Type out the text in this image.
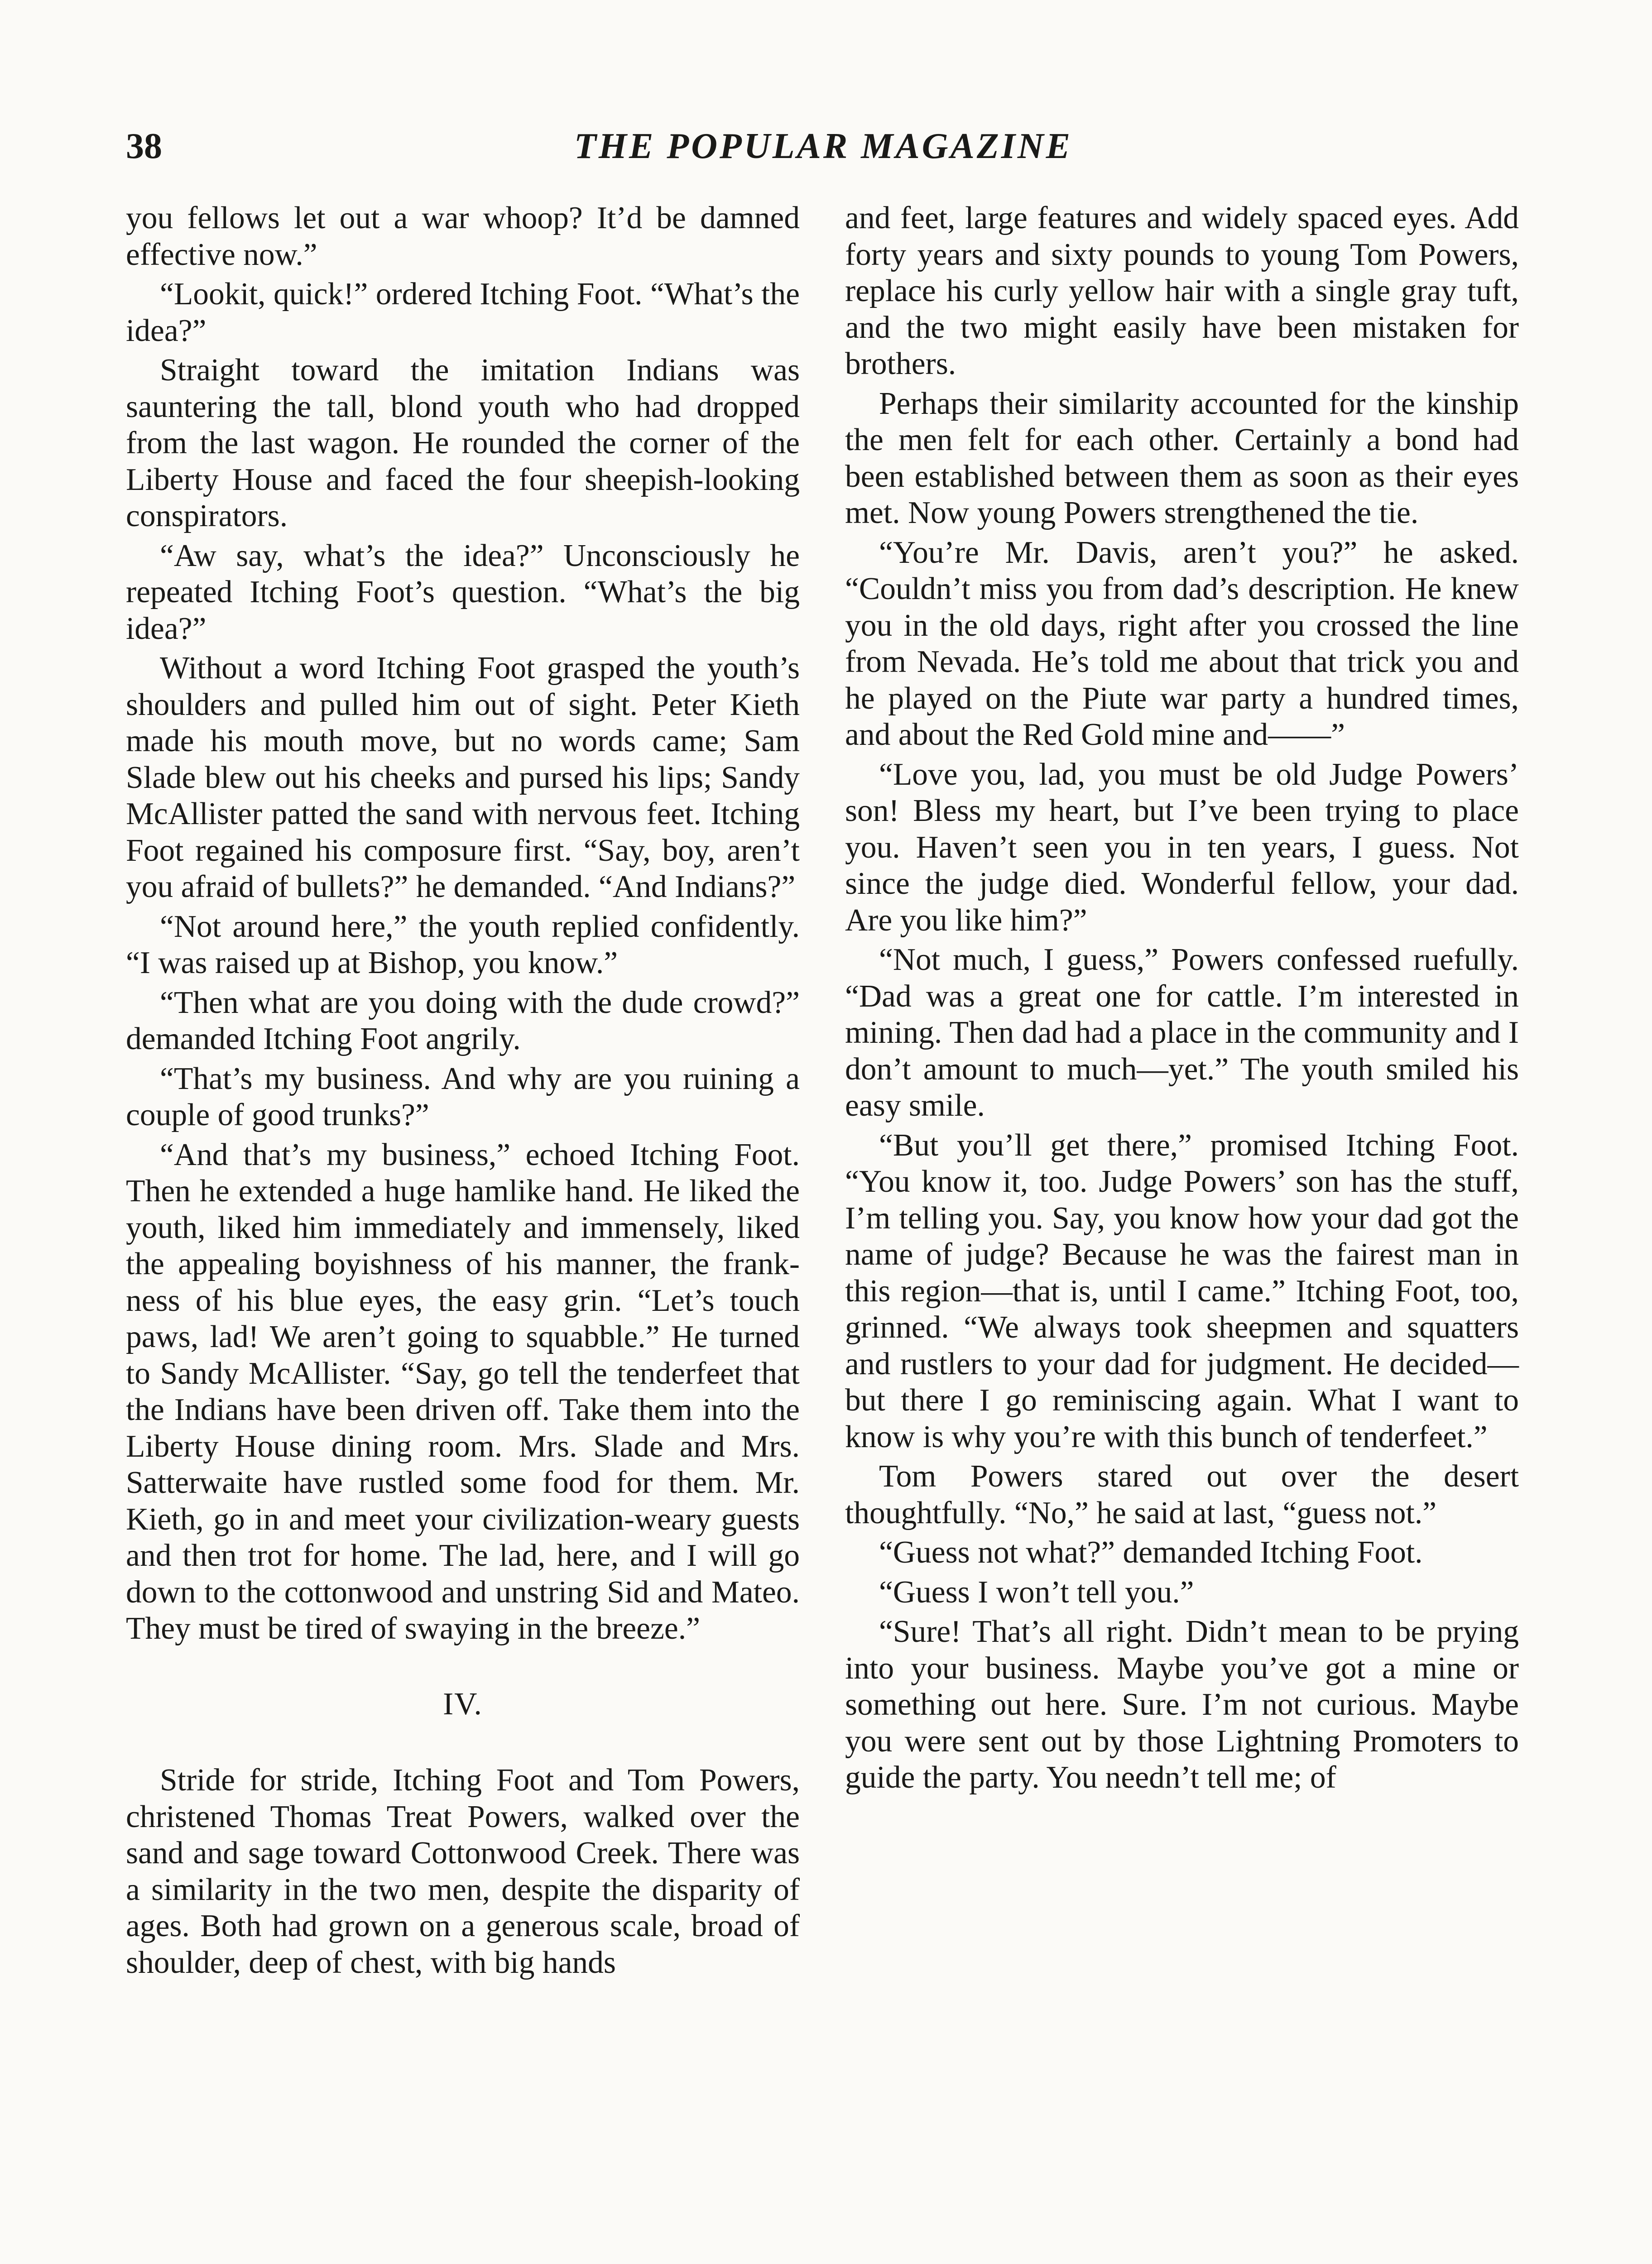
38	THE POPULAR MAGAZINE

you fellows let out a war whoop? It’d be damned effective now.”

“Lookit, quick!” ordered Itching Foot. “What’s the idea?”

Straight toward the imitation Indians was sauntering the tall, blond youth who had dropped from the last wagon. He rounded the corner of the Liberty House and faced the four sheepish-looking conspirators.

“Aw say, what’s the idea?” Unconsciously he repeated Itching Foot’s question. “What’s the big idea?”

Without a word Itching Foot grasped the youth’s shoulders and pulled him out of sight. Peter Kieth made his mouth move, but no words came; Sam Slade blew out his cheeks and pursed his lips; Sandy McAllister patted the sand with nervous feet. Itching Foot regained his composure first. “Say, boy, aren’t you afraid of bullets?” he demanded. “And Indians?”

“Not around here,” the youth replied confidently. “I was raised up at Bishop, you know.”

“Then what are you doing with the dude crowd?” demanded Itching Foot angrily.

“That’s my business. And why are you ruining a couple of good trunks?”

“And that’s my business,” echoed Itching Foot. Then he extended a huge hamlike hand. He liked the youth, liked him immediately and immensely, liked the appealing boyishness of his manner, the frankness of his blue eyes, the easy grin. “Let’s touch paws, lad! We aren’t going to squabble.” He turned to Sandy McAllister. “Say, go tell the tenderfeet that the Indians have been driven off. Take them into the Liberty House dining room. Mrs. Slade and Mrs. Satterwaite have rustled some food for them. Mr. Kieth, go in and meet your civilization-weary guests and then trot for home. The lad, here, and I will go down to the cottonwood and unstring Sid and Mateo. They must be tired of swaying in the breeze.”

IV.

Stride for stride, Itching Foot and Tom Powers, christened Thomas Treat Powers, walked over the sand and sage toward Cottonwood Creek. There was a similarity in the two men, despite the disparity of ages. Both had grown on a generous scale, broad of shoulder, deep of chest, with big hands

and feet, large features and widely spaced eyes. Add forty years and sixty pounds to young Tom Powers, replace his curly yellow hair with a single gray tuft, and the two might easily have been mistaken for brothers.

Perhaps their similarity accounted for the kinship the men felt for each other. Certainly a bond had been established between them as soon as their eyes met. Now young Powers strengthened the tie.

“You’re Mr. Davis, aren’t you?” he asked. “Couldn’t miss you from dad’s description. He knew you in the old days, right after you crossed the line from Nevada. He’s told me about that trick you and he played on the Piute war party a hundred times, and about the Red Gold mine and——”

“Love you, lad, you must be old Judge Powers’ son! Bless my heart, but I’ve been trying to place you. Haven’t seen you in ten years, I guess. Not since the judge died. Wonderful fellow, your dad. Are you like him?”

“Not much, I guess,” Powers confessed ruefully. “Dad was a great one for cattle. I’m interested in mining. Then dad had a place in the community and I don’t amount to much—yet.” The youth smiled his easy smile.

“But you’ll get there,” promised Itching Foot. “You know it, too. Judge Powers’ son has the stuff, I’m telling you. Say, you know how your dad got the name of judge? Because he was the fairest man in this region—that is, until I came.” Itching Foot, too, grinned. “We always took sheepmen and squatters and rustlers to your dad for judgment. He decided—but there I go reminiscing again. What I want to know is why you’re with this bunch of tenderfeet.”

Tom Powers stared out over the desert thoughtfully. “No,” he said at last, “guess not.”

“Guess not what?” demanded Itching Foot.

“Guess I won’t tell you.”

“Sure! That’s all right. Didn’t mean to be prying into your business. Maybe you’ve got a mine or something out here. Sure. I’m not curious. Maybe you were sent out by those Lightning Promoters to guide the party. You needn’t tell me; of
